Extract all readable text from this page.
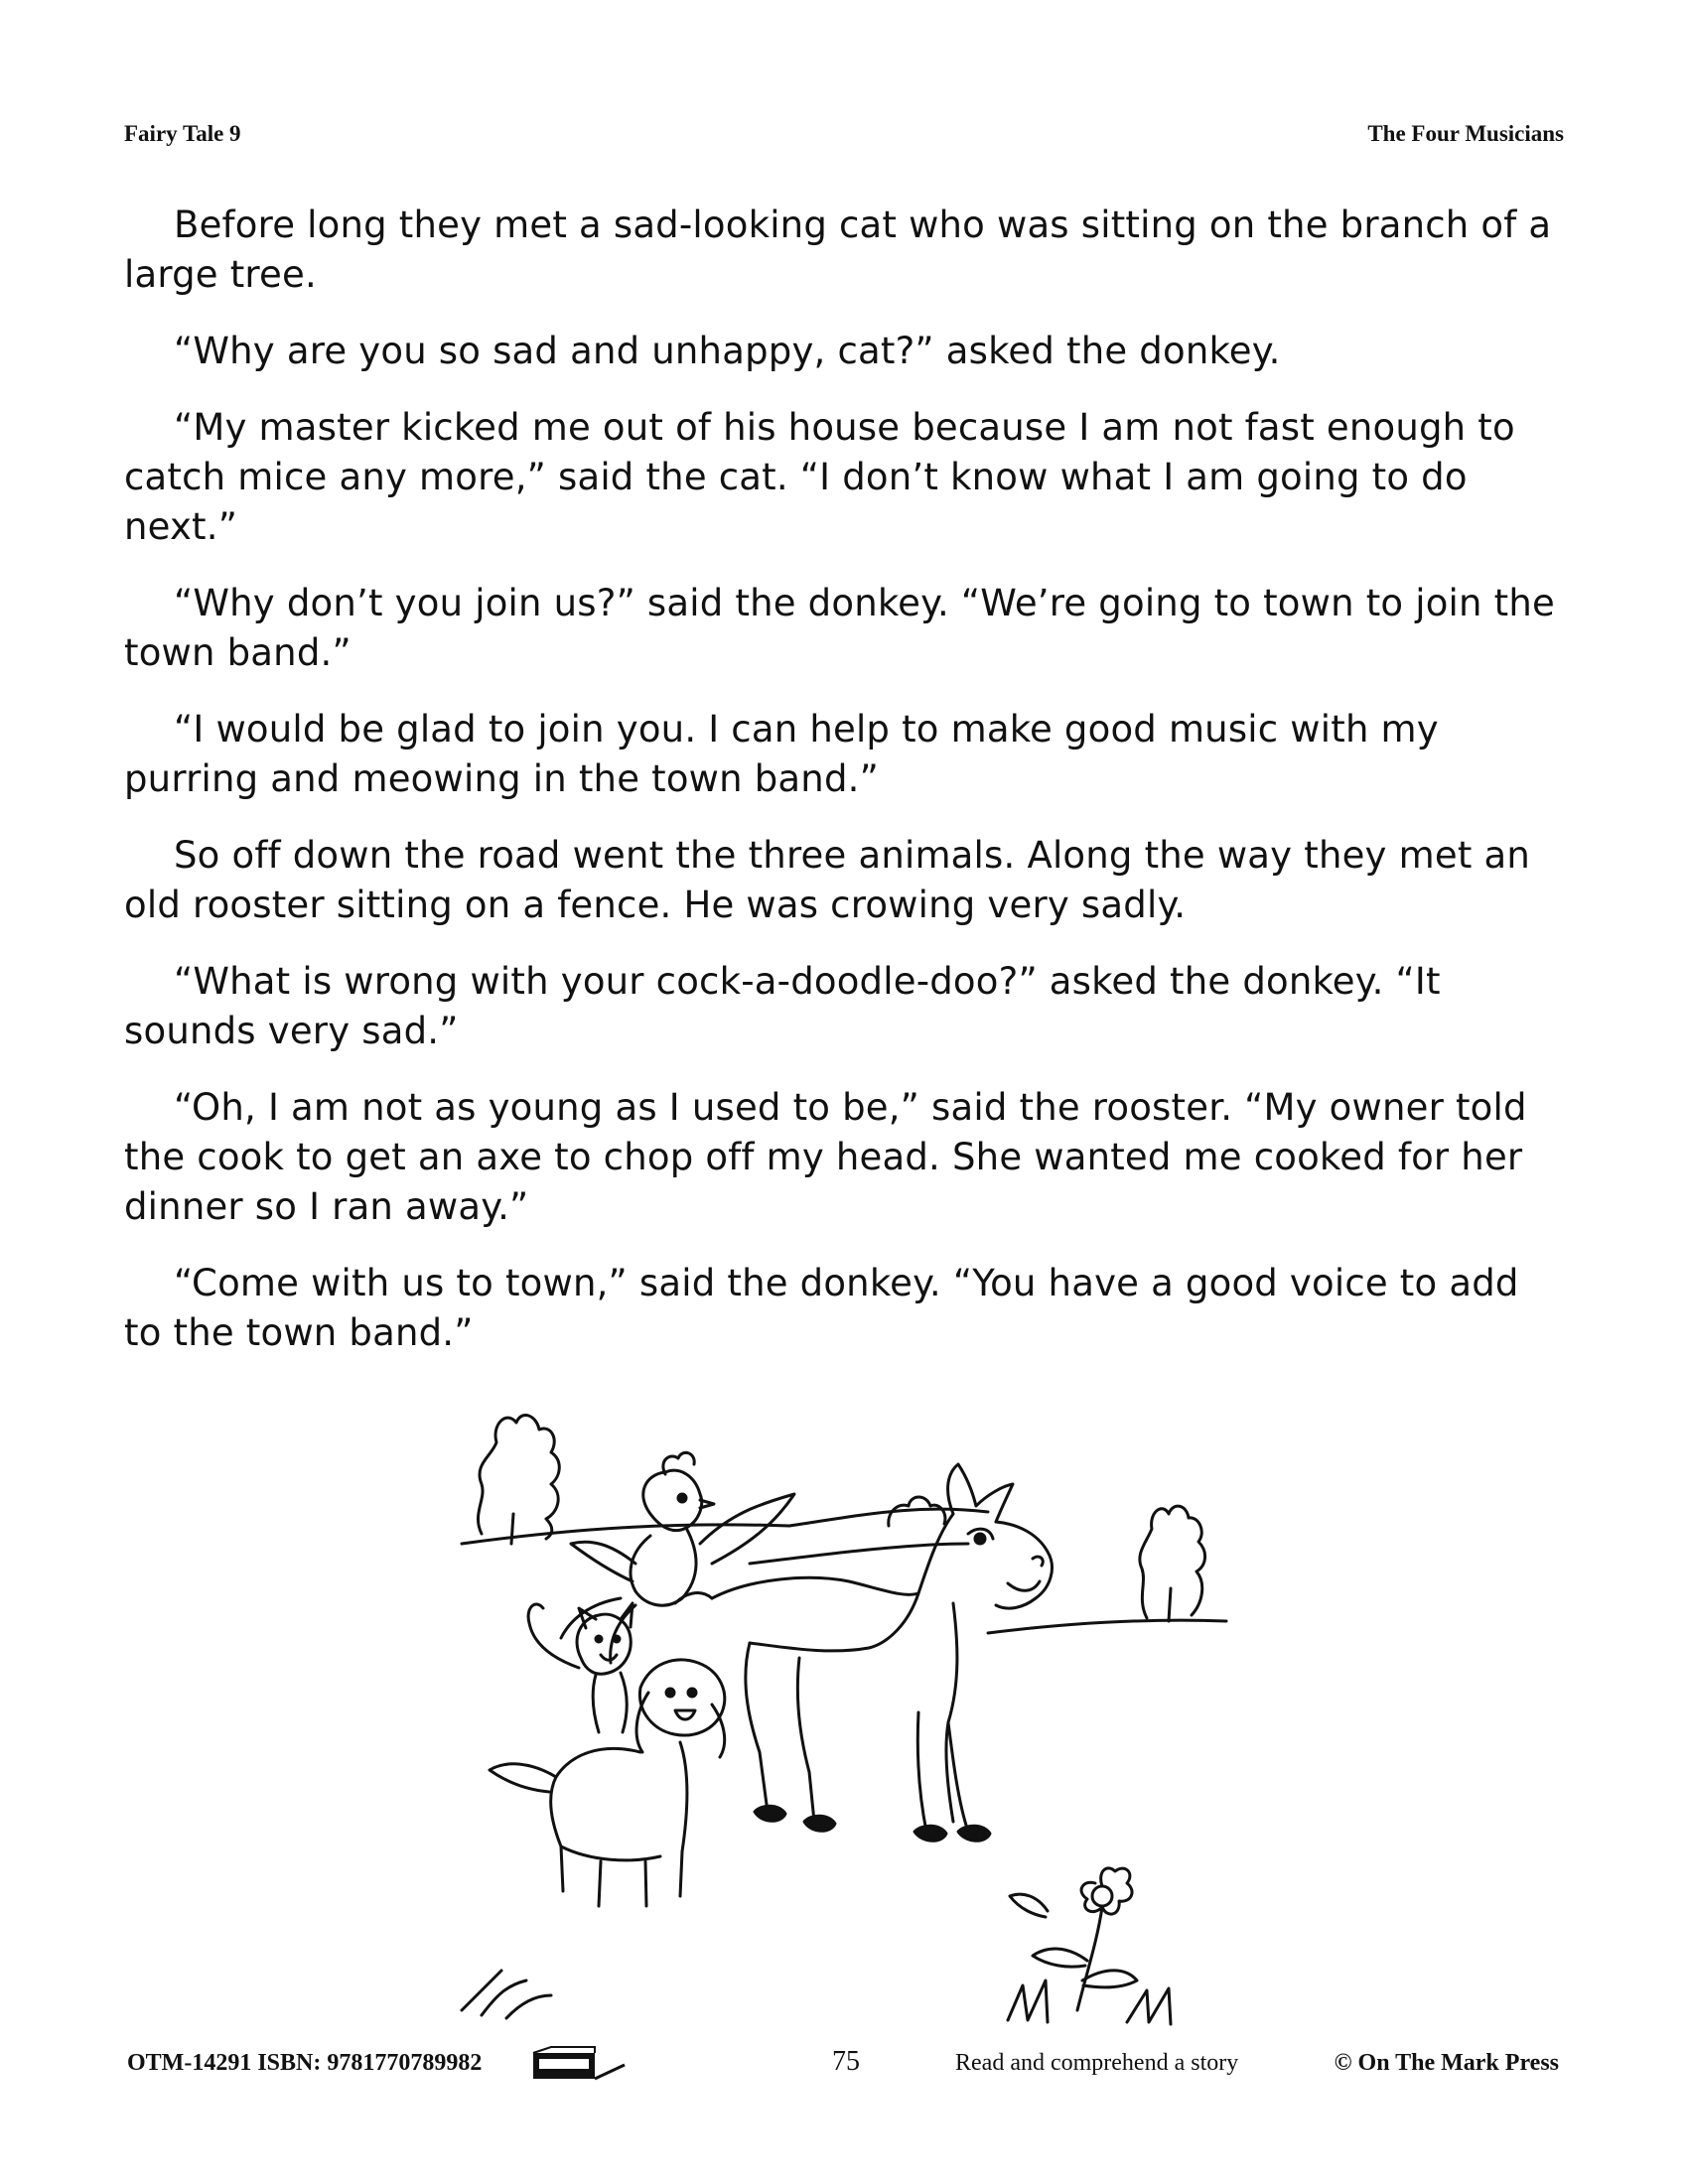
Fairy Tale 9	The Four Musicians

Before long they met a sad-looking cat who was sitting on the branch of a large tree.

“Why are you so sad and unhappy, cat?” asked the donkey.

“My master kicked me out of his house because I am not fast enough to catch mice any more,” said the cat. “I don’t know what I am going to do next.”

“Why don’t you join us?” said the donkey. “We’re going to town to join the town band.”

“I would be glad to join you. I can help to make good music with my purring and meowing in the town band.”

So off down the road went the three animals. Along the way they met an old rooster sitting on a fence. He was crowing very sadly.

“What is wrong with your cock-a-doodle-doo?” asked the donkey. “It sounds very sad.”

“Oh, I am not as young as I used to be,” said the rooster. “My owner told the cook to get an axe to chop off my head. She wanted me cooked for her dinner so I ran away.”

“Come with us to town,” said the donkey. “You have a good voice to add to the town band.”

OTM-14291 ISBN: 9781770789982	75	Read and comprehend a story	© On The Mark Press
